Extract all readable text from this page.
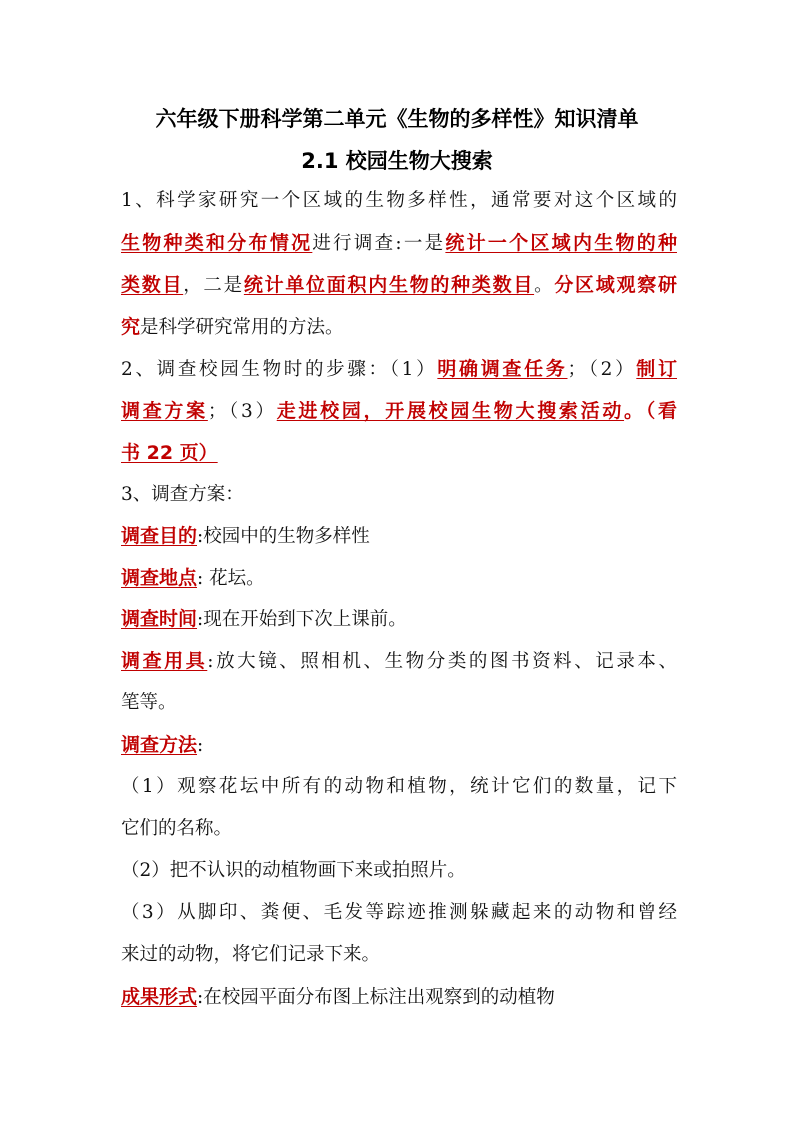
六年级下册科学第二单元《生物的多样性》知识清单
2.1 校园生物大搜索
1、科学家研究一个区域的生物多样性，通常要对这个区域的
生物种类和分布情况进行调查:一是统计一个区域内生物的种
类数目，二是统计单位面积内生物的种类数目。分区域观察研
究是科学研究常用的方法。
2、调查校园生物时的步骤：（1）明确调查任务；（2）制订
调查方案；（3）走进校园，开展校园生物大搜索活动。（看
书 22 页）
3、调查方案：
调查目的:校园中的生物多样性
调查地点: 花坛。
调查时间:现在开始到下次上课前。
调查用具:放大镜、照相机、生物分类的图书资料、记录本、
笔等。
调查方法:
（1）观察花坛中所有的动物和植物，统计它们的数量，记下
它们的名称。
（2）把不认识的动植物画下来或拍照片。
（3）从脚印、粪便、毛发等踪迹推测躲藏起来的动物和曾经
来过的动物，将它们记录下来。
成果形式:在校园平面分布图上标注出观察到的动植物
